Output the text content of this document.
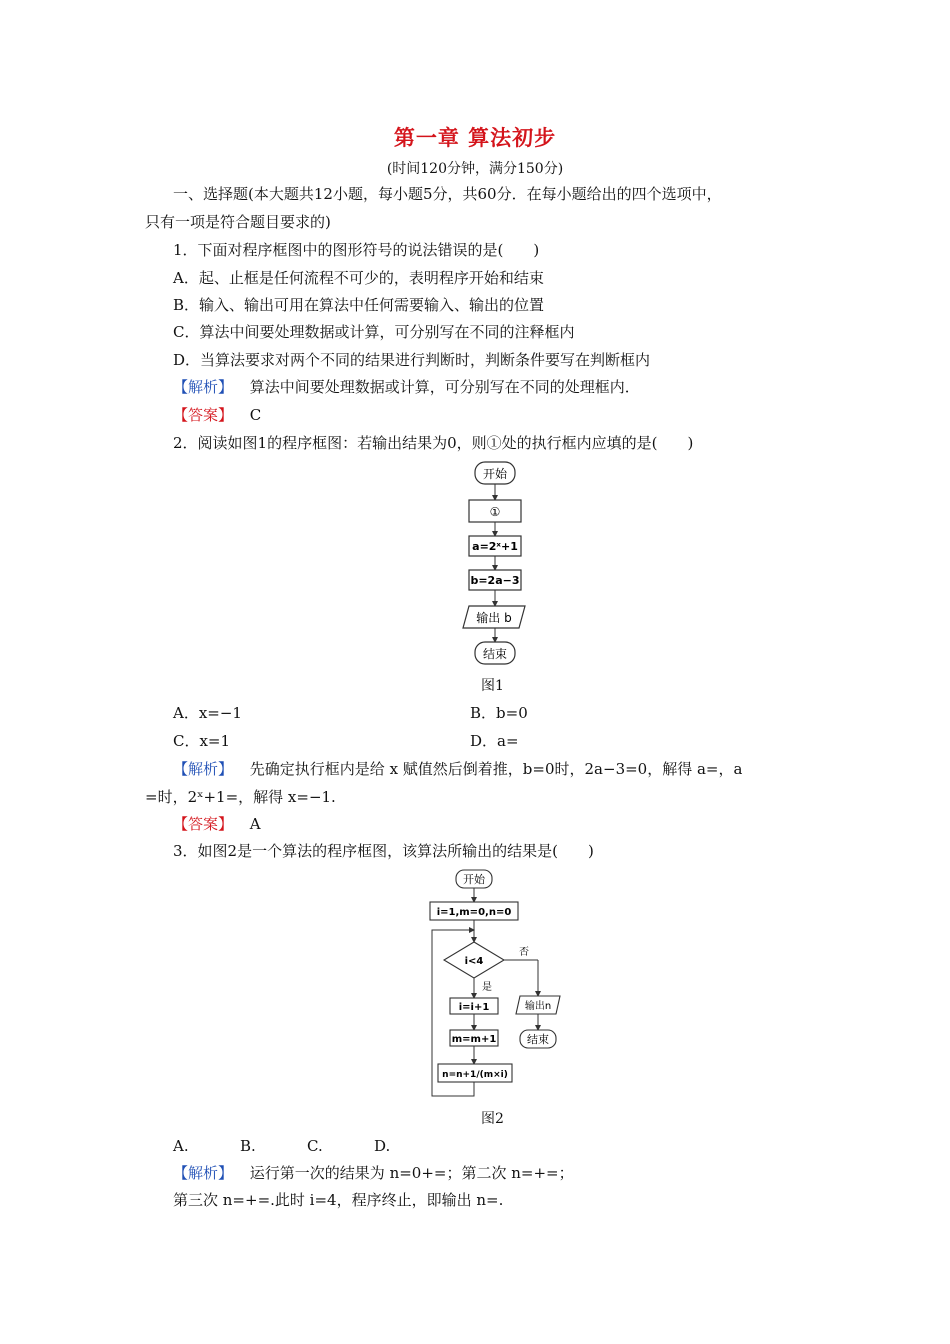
第一章 算法初步
(时间120分钟，满分150分)
一、选择题(本大题共12小题，每小题5分，共60分．在每小题给出的四个选项中，
只有一项是符合题目要求的)
1．下面对程序框图中的图形符号的说法错误的是(　　)
A．起、止框是任何流程不可少的，表明程序开始和结束
B．输入、输出可用在算法中任何需要输入、输出的位置
C．算法中间要处理数据或计算，可分别写在不同的注释框内
D．当算法要求对两个不同的结果进行判断时，判断条件要写在判断框内
【解析】 算法中间要处理数据或计算，可分别写在不同的处理框内．
【答案】 C
2．阅读如图1的程序框图：若输出结果为0，则①处的执行框内应填的是(　　)
开始
①
a=2ˣ+1
b=2a−3
输出 b
结束
图1
A．x=−1	B．b=0
C．x=1	D．a=
【解析】 先确定执行框内是给 x 赋值然后倒着推，b=0时，2a−3=0，解得 a=，a
=时，2ˣ+1=，解得 x=−1.
【答案】 A
3．如图2是一个算法的程序框图，该算法所输出的结果是(　　)
开始
i=1,m=0,n=0
i<4
否
是
i=i+1
m=m+1
n=n+1/(m×i)
输出n
结束
图2
A.	B.	C.	D.
【解析】 运行第一次的结果为 n=0+=；第二次 n=+=；
第三次 n=+=.此时 i=4，程序终止，即输出 n=.
